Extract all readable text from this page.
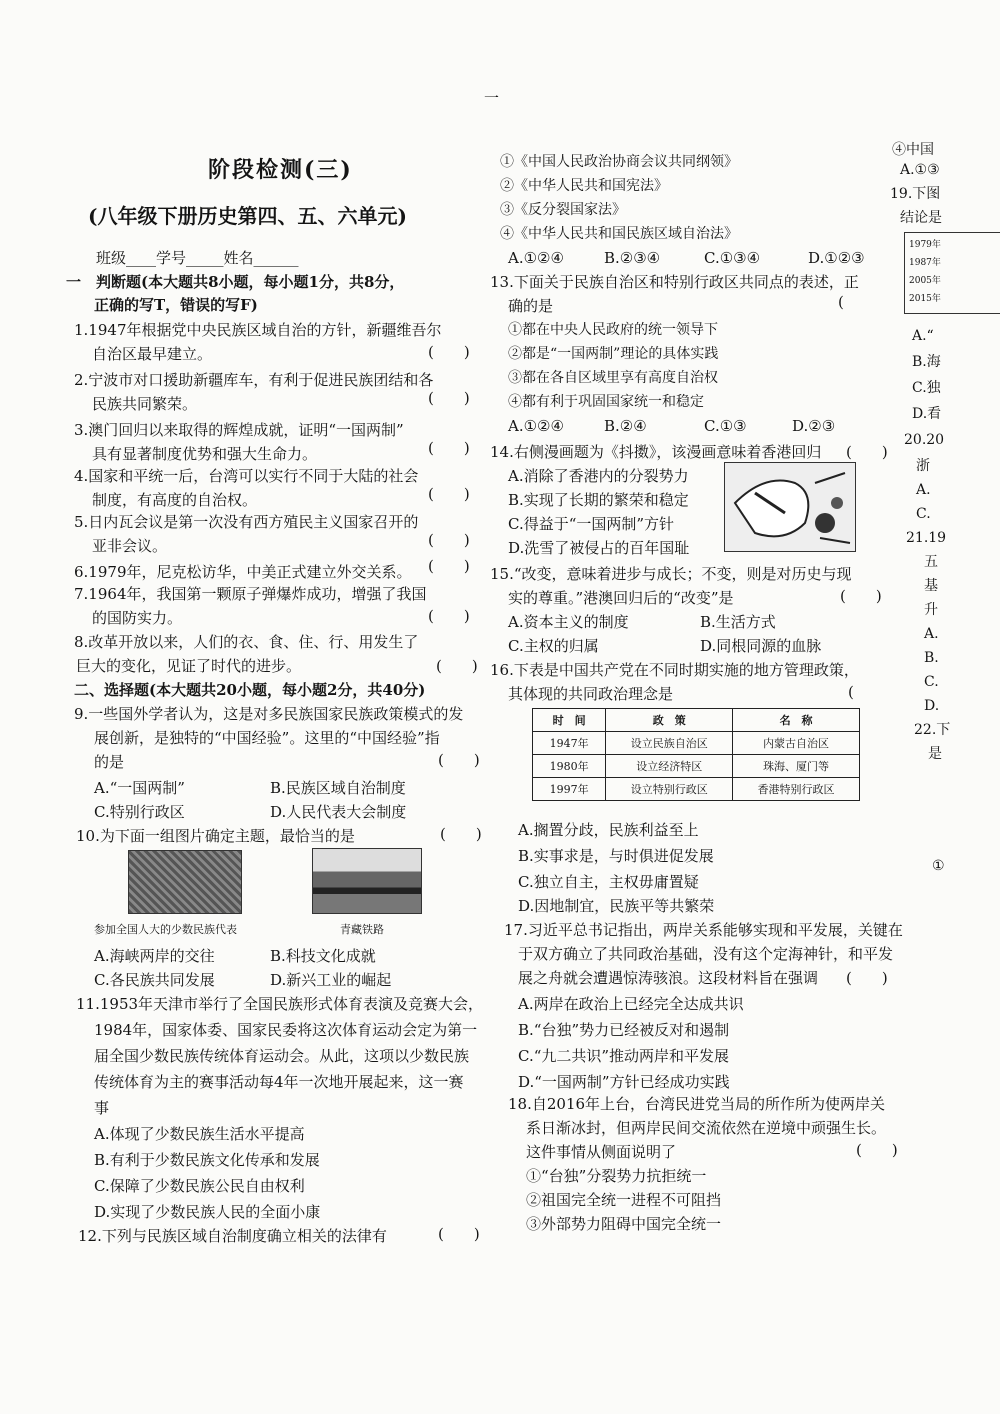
一
阶段检测(三)
(八年级下册历史第四、五、六单元)
班级____学号_____姓名______
一　判断题(本大题共8小题，每小题1分，共8分，
正确的写T，错误的写F)
1.1947年根据党中央民族区域自治的方针，新疆维吾尔
自治区最早建立。	(　　)
2.宁波市对口援助新疆库车，有利于促进民族团结和各
民族共同繁荣。	(　　)
3.澳门回归以来取得的辉煌成就，证明“一国两制”
具有显著制度优势和强大生命力。	(　　)
4.国家和平统一后，台湾可以实行不同于大陆的社会
制度，有高度的自治权。	(　　)
5.日内瓦会议是第一次没有西方殖民主义国家召开的
亚非会议。	(　　)
6.1979年，尼克松访华，中美正式建立外交关系。 (　　)
7.1964年，我国第一颗原子弹爆炸成功，增强了我国
的国防实力。	(　　)
8.改革开放以来，人们的衣、食、住、行、用发生了
巨大的变化，见证了时代的进步。	(　　)
二、选择题(本大题共20小题，每小题2分，共40分)
9.一些国外学者认为，这是对多民族国家民族政策模式的发
展创新，是独特的“中国经验”。这里的“中国经验”指
的是	(　　)
A.“一国两制”	B.民族区域自治制度
C.特别行政区	D.人民代表大会制度
10.为下面一组图片确定主题，最恰当的是	(　　)
参加全国人大的少数民族代表	青藏铁路
A.海峡两岸的交往	B.科技文化成就
C.各民族共同发展	D.新兴工业的崛起
11.1953年天津市举行了全国民族形式体育表演及竞赛大会，
1984年，国家体委、国家民委将这次体育运动会定为第一
届全国少数民族传统体育运动会。从此，这项以少数民族
传统体育为主的赛事活动每4年一次地开展起来，这一赛
事
A.体现了少数民族生活水平提高
B.有利于少数民族文化传承和发展
C.保障了少数民族公民自由权利
D.实现了少数民族人民的全面小康
12.下列与民族区域自治制度确立相关的法律有	(　　)
①《中国人民政治协商会议共同纲领》
②《中华人民共和国宪法》
③《反分裂国家法》
④《中华人民共和国民族区域自治法》
A.①②④	B.②③④	C.①③④	D.①②③
13.下面关于民族自治区和特别行政区共同点的表述，正
确的是	(
①都在中央人民政府的统一领导下
②都是“一国两制”理论的具体实践
③都在各自区域里享有高度自治权
④都有利于巩固国家统一和稳定
A.①②④	B.②④	C.①③	D.②③
14.右侧漫画题为《抖擞》，该漫画意味着香港回归 (　　)
A.消除了香港内的分裂势力
B.实现了长期的繁荣和稳定
C.得益于“一国两制”方针
D.洗雪了被侵占的百年国耻
15.“改变，意味着进步与成长；不变，则是对历史与现
实的尊重。”港澳回归后的“改变”是	(　　)
A.资本主义的制度	B.生活方式
C.主权的归属	D.同根同源的血脉
16.下表是中国共产党在不同时期实施的地方管理政策，
其体现的共同政治理念是	(
时　间	政　策	名　称
1947年	设立民族自治区	内蒙古自治区
1980年	设立经济特区	珠海、厦门等
1997年	设立特别行政区	香港特别行政区
A.搁置分歧，民族利益至上
B.实事求是，与时俱进促发展
C.独立自主，主权毋庸置疑
D.因地制宜，民族平等共繁荣
17.习近平总书记指出，两岸关系能够实现和平发展，关键在
于双方确立了共同政治基础，没有这个定海神针，和平发
展之舟就会遭遇惊涛骇浪。这段材料旨在强调 (　　)
A.两岸在政治上已经完全达成共识
B.“台独”势力已经被反对和遏制
C.“九二共识”推动两岸和平发展
D.“一国两制”方针已经成功实践
18.自2016年上台，台湾民进党当局的所作所为使两岸关
系日渐冰封，但两岸民间交流依然在逆境中顽强生长。
这件事情从侧面说明了	(　　)
①“台独”分裂势力抗拒统一
②祖国完全统一进程不可阻挡
③外部势力阻碍中国完全统一
④中国
A.①③
19.下图
结论是
1979年
1987年
2005年
2015年
A.“
B.海
C.独
D.看
20.20
浙
A.
C.
21.19
五
基
升
A.
B.
C.
D.
22.下
是
①
